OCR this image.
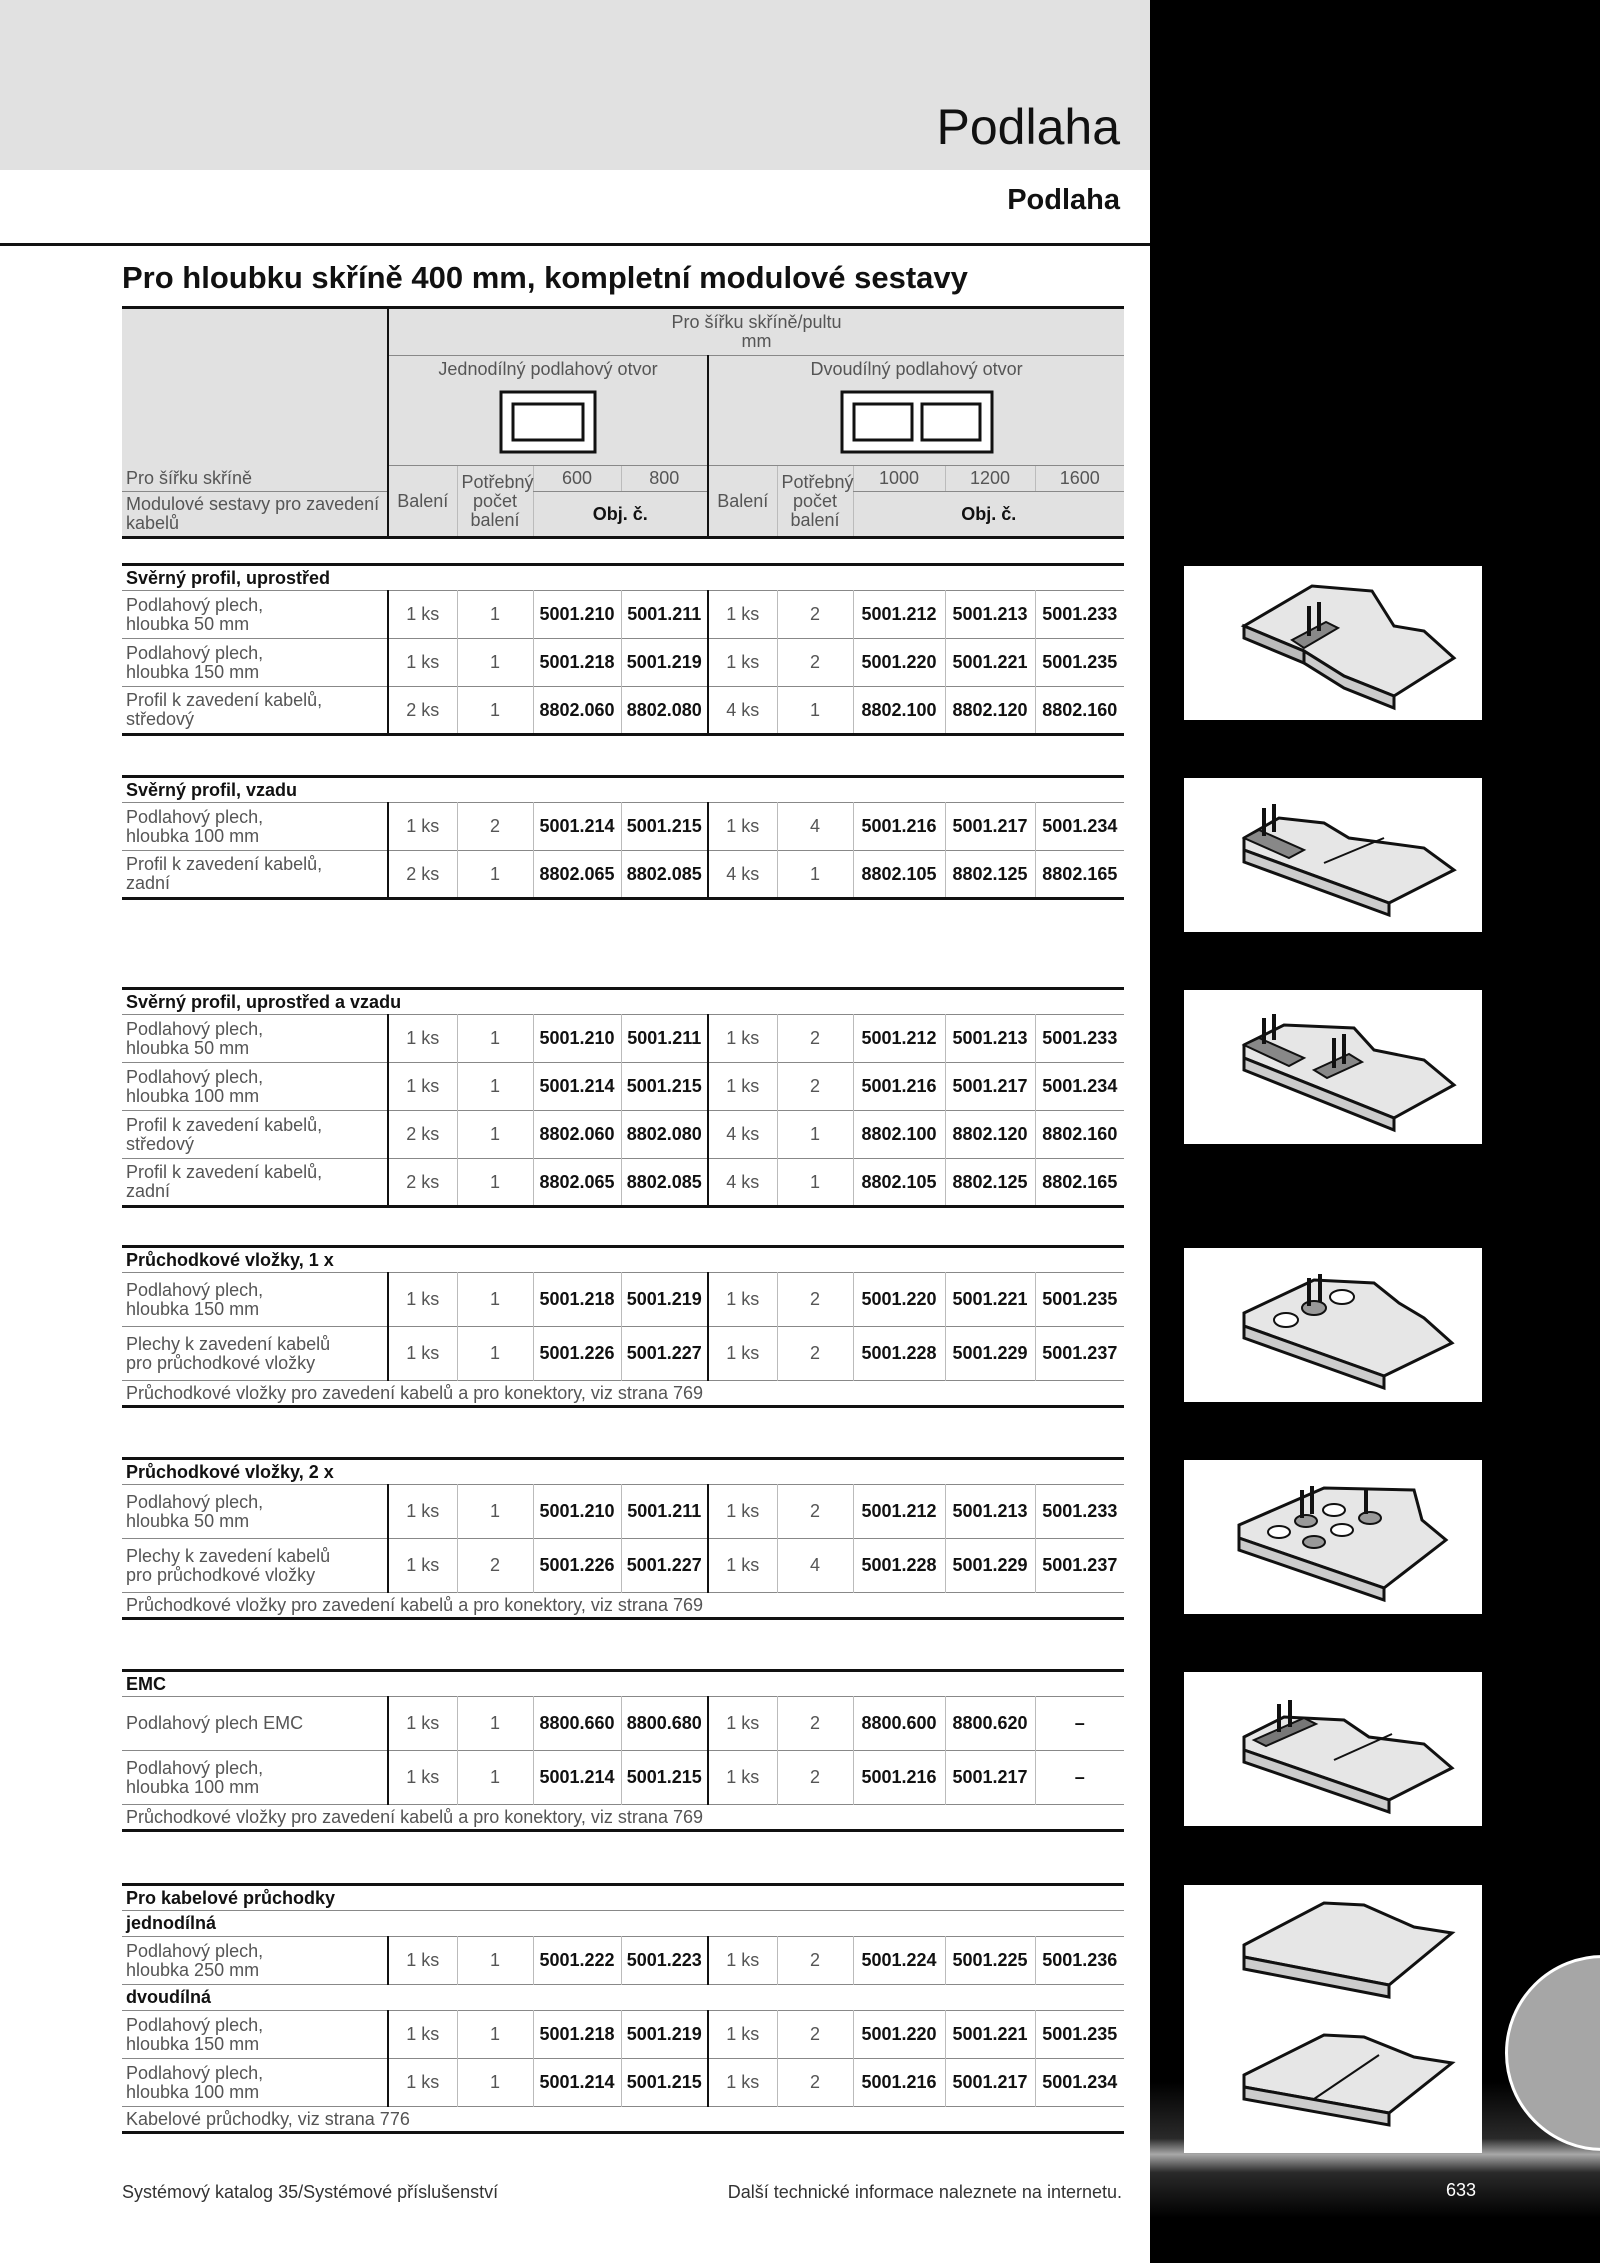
Podlaha
Podlaha
Pro hloubku skříně 400 mm, kompletní modulové sestavy
	Pro šířku skříně/pultu
mm								
	Jednodílný podlahový otvor				Dvoudílný podlahový otvor				

Pro šířku skříně	Balení	Potřebný počet balení	600	800	Balení	Potřebný počet balení	1000	1200	1600
Modulové sestavy pro zavedení kabelů			Obj. č.				Obj. č.		
Svěrný profil, uprostřed									
Podlahový plech,
hloubka 50 mm	1 ks	1	5001.210	5001.211	1 ks	2	5001.212	5001.213	5001.233
Podlahový plech,
hloubka 150 mm	1 ks	1	5001.218	5001.219	1 ks	2	5001.220	5001.221	5001.235
Profil k zavedení kabelů,
středový	2 ks	1	8802.060	8802.080	4 ks	1	8802.100	8802.120	8802.160
Svěrný profil, vzadu									
Podlahový plech,
hloubka 100 mm	1 ks	2	5001.214	5001.215	1 ks	4	5001.216	5001.217	5001.234
Profil k zavedení kabelů,
zadní	2 ks	1	8802.065	8802.085	4 ks	1	8802.105	8802.125	8802.165
Svěrný profil, uprostřed a vzadu									
Podlahový plech,
hloubka 50 mm	1 ks	1	5001.210	5001.211	1 ks	2	5001.212	5001.213	5001.233
Podlahový plech,
hloubka 100 mm	1 ks	1	5001.214	5001.215	1 ks	2	5001.216	5001.217	5001.234
Profil k zavedení kabelů,
středový	2 ks	1	8802.060	8802.080	4 ks	1	8802.100	8802.120	8802.160
Profil k zavedení kabelů,
zadní	2 ks	1	8802.065	8802.085	4 ks	1	8802.105	8802.125	8802.165
Průchodkové vložky, 1 x									
Podlahový plech,
hloubka 150 mm	1 ks	1	5001.218	5001.219	1 ks	2	5001.220	5001.221	5001.235
Plechy k zavedení kabelů
pro průchodkové vložky	1 ks	1	5001.226	5001.227	1 ks	2	5001.228	5001.229	5001.237
Průchodkové vložky pro zavedení kabelů a pro konektory, viz strana 769									
Průchodkové vložky, 2 x									
Podlahový plech,
hloubka 50 mm	1 ks	1	5001.210	5001.211	1 ks	2	5001.212	5001.213	5001.233
Plechy k zavedení kabelů
pro průchodkové vložky	1 ks	2	5001.226	5001.227	1 ks	4	5001.228	5001.229	5001.237
Průchodkové vložky pro zavedení kabelů a pro konektory, viz strana 769									
EMC									
Podlahový plech EMC	1 ks	1	8800.660	8800.680	1 ks	2	8800.600	8800.620	–
Podlahový plech,
hloubka 100 mm	1 ks	1	5001.214	5001.215	1 ks	2	5001.216	5001.217	–
Průchodkové vložky pro zavedení kabelů a pro konektory, viz strana 769									
Pro kabelové průchodky									
jednodílná									
Podlahový plech,
hloubka 250 mm	1 ks	1	5001.222	5001.223	1 ks	2	5001.224	5001.225	5001.236
dvoudílná									
Podlahový plech,
hloubka 150 mm	1 ks	1	5001.218	5001.219	1 ks	2	5001.220	5001.221	5001.235
Podlahový plech,
hloubka 100 mm	1 ks	1	5001.214	5001.215	1 ks	2	5001.216	5001.217	5001.234
Kabelové průchodky, viz strana 776									
Systémový katalog 35/Systémové příslušenství	Další technické informace naleznete na internetu.	633
